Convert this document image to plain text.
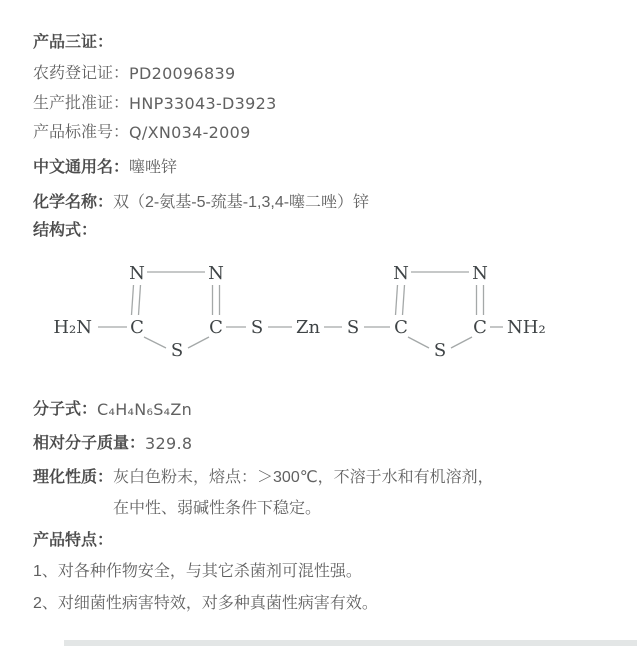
产品三证：
农药登记证： PD20096839
生产批准证： HNP33043-D3923
产品标准号： Q/XN034-2009
中文通用名： 噻唑锌
化学名称： 双（2-氨基-5-巯基-1,3,4-噻二唑）锌
结构式：
H₂N
N	N
C	C
S
S Zn S
N	N
C	C
S
NH₂
分子式： C₄H₄N₆S₄Zn
相对分子质量： 329.8
理化性质： 灰白色粉末，熔点：＞300℃，不溶于水和有机溶剂，
在中性、弱碱性条件下稳定。
产品特点：
1、对各种作物安全，与其它杀菌剂可混性强。
2、对细菌性病害特效，对多种真菌性病害有效。
